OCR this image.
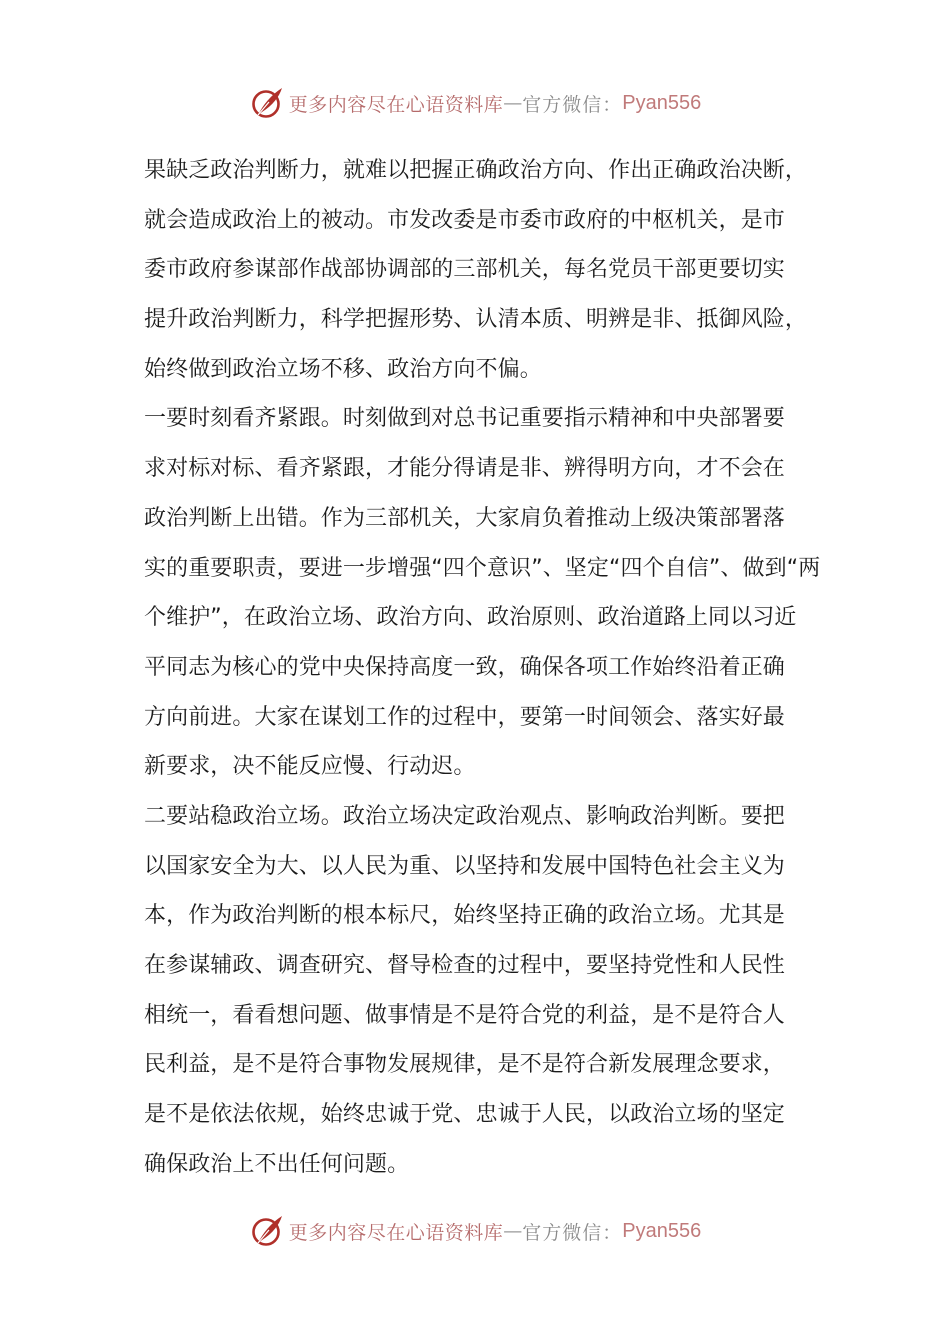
更多内容尽在心语资料库 — 官方微信： Pyan556
果缺乏政治判断力，就难以把握正确政治方向、作出正确政治决断，
就会造成政治上的被动。市发改委是市委市政府的中枢机关，是市
委市政府参谋部作战部协调部的三部机关，每名党员干部更要切实
提升政治判断力，科学把握形势、认清本质、明辨是非、抵御风险，
始终做到政治立场不移、政治方向不偏。
一要时刻看齐紧跟。时刻做到对总书记重要指示精神和中央部署要
求对标对标、看齐紧跟，才能分得请是非、辨得明方向，才不会在
政治判断上出错。作为三部机关，大家肩负着推动上级决策部署落
实的重要职责，要进一步增强“四个意识”、坚定“四个自信”、做到“两
个维护”，在政治立场、政治方向、政治原则、政治道路上同以习近
平同志为核心的党中央保持高度一致，确保各项工作始终沿着正确
方向前进。大家在谋划工作的过程中，要第一时间领会、落实好最
新要求，决不能反应慢、行动迟。
二要站稳政治立场。政治立场决定政治观点、影响政治判断。要把
以国家安全为大、以人民为重、以坚持和发展中国特色社会主义为
本，作为政治判断的根本标尺，始终坚持正确的政治立场。尤其是
在参谋辅政、调查研究、督导检查的过程中，要坚持党性和人民性
相统一，看看想问题、做事情是不是符合党的利益，是不是符合人
民利益，是不是符合事物发展规律，是不是符合新发展理念要求，
是不是依法依规，始终忠诚于党、忠诚于人民，以政治立场的坚定
确保政治上不出任何问题。
更多内容尽在心语资料库 — 官方微信： Pyan556
